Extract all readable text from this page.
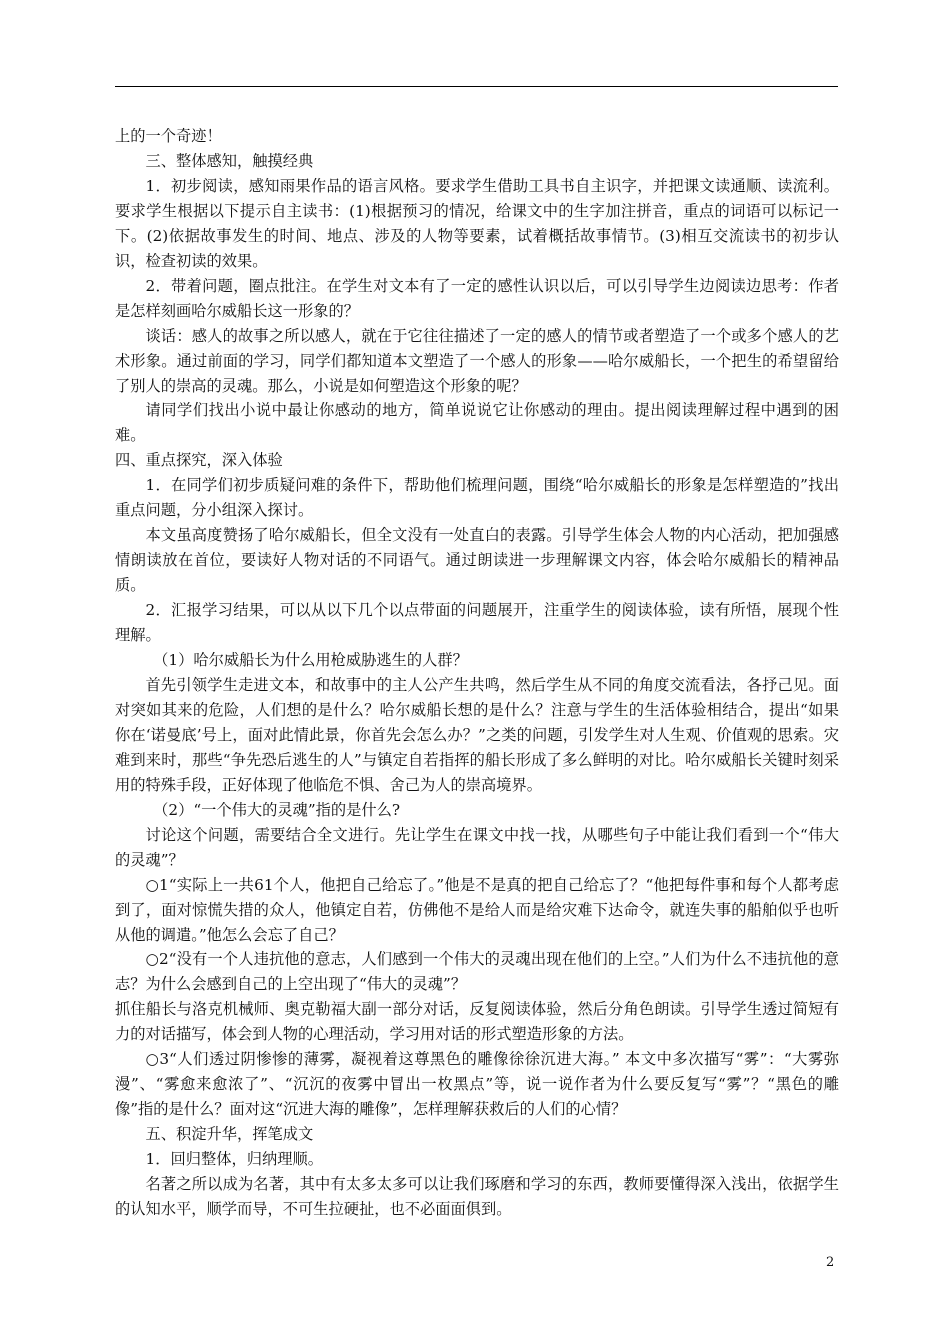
上的一个奇迹！

三、整体感知，触摸经典

1．初步阅读，感知雨果作品的语言风格。要求学生借助工具书自主识字，并把课文读通顺、读流利。要求学生根据以下提示自主读书：(1)根据预习的情况，给课文中的生字加注拼音，重点的词语可以标记一下。(2)依据故事发生的时间、地点、涉及的人物等要素，试着概括故事情节。(3)相互交流读书的初步认识，检查初读的效果。

2．带着问题，圈点批注。在学生对文本有了一定的感性认识以后，可以引导学生边阅读边思考：作者是怎样刻画哈尔威船长这一形象的？

谈话：感人的故事之所以感人，就在于它往往描述了一定的感人的情节或者塑造了一个或多个感人的艺术形象。通过前面的学习，同学们都知道本文塑造了一个感人的形象——哈尔威船长，一个把生的希望留给了别人的崇高的灵魂。那么，小说是如何塑造这个形象的呢？

请同学们找出小说中最让你感动的地方，简单说说它让你感动的理由。提出阅读理解过程中遇到的困难。

四、重点探究，深入体验

1．在同学们初步质疑问难的条件下，帮助他们梳理问题，围绕“哈尔威船长的形象是怎样塑造的”找出重点问题，分小组深入探讨。

本文虽高度赞扬了哈尔威船长，但全文没有一处直白的表露。引导学生体会人物的内心活动，把加强感情朗读放在首位，要读好人物对话的不同语气。通过朗读进一步理解课文内容，体会哈尔威船长的精神品质。

2．汇报学习结果，可以从以下几个以点带面的问题展开，注重学生的阅读体验，读有所悟，展现个性理解。

（1）哈尔威船长为什么用枪威胁逃生的人群？

首先引领学生走进文本，和故事中的主人公产生共鸣，然后学生从不同的角度交流看法，各抒己见。面对突如其来的危险，人们想的是什么？哈尔威船长想的是什么？注意与学生的生活体验相结合，提出“如果你在‘诺曼底’号上，面对此情此景，你首先会怎么办？”之类的问题，引发学生对人生观、价值观的思索。灾难到来时，那些“争先恐后逃生的人”与镇定自若指挥的船长形成了多么鲜明的对比。哈尔威船长关键时刻采用的特殊手段，正好体现了他临危不惧、舍己为人的崇高境界。

（2）“一个伟大的灵魂”指的是什么?

讨论这个问题，需要结合全文进行。先让学生在课文中找一找，从哪些句子中能让我们看到一个“伟大的灵魂”？

○1“实际上一共61个人，他把自己给忘了。”他是不是真的把自己给忘了？“他把每件事和每个人都考虑到了，面对惊慌失措的众人，他镇定自若，仿佛他不是给人而是给灾难下达命令，就连失事的船舶似乎也听从他的调遣。”他怎么会忘了自己？

○2“没有一个人违抗他的意志，人们感到一个伟大的灵魂出现在他们的上空。”人们为什么不违抗他的意志？为什么会感到自己的上空出现了“伟大的灵魂”？

抓住船长与洛克机械师、奥克勒福大副一部分对话，反复阅读体验，然后分角色朗读。引导学生透过简短有力的对话描写，体会到人物的心理活动，学习用对话的形式塑造形象的方法。

○3“人们透过阴惨惨的薄雾，凝视着这尊黑色的雕像徐徐沉进大海。” 本文中多次描写“雾”：“大雾弥漫”、“雾愈来愈浓了”、“沉沉的夜雾中冒出一枚黑点”等，说一说作者为什么要反复写“雾”？“黑色的雕像”指的是什么？面对这“沉进大海的雕像”，怎样理解获救后的人们的心情？

五、积淀升华，挥笔成文

1．回归整体，归纳理顺。

名著之所以成为名著，其中有太多太多可以让我们琢磨和学习的东西，教师要懂得深入浅出，依据学生的认知水平，顺学而导，不可生拉硬扯，也不必面面俱到。

2
